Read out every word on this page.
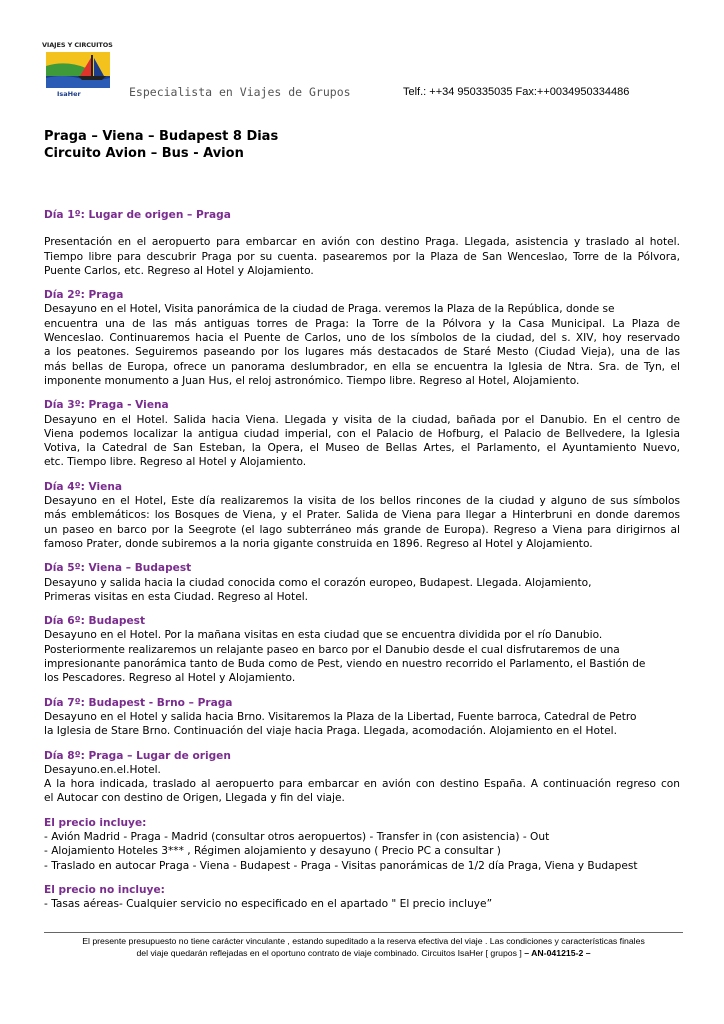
VIAJES Y CIRCUITOS
IsaHer	Especialista en Viajes de Grupos	Telf.: ++34 950335035 Fax:++0034950334486
Praga – Viena – Budapest 8 Dias
Circuito Avion – Bus - Avion
Día 1º: Lugar de origen – Praga
Presentación en el aeropuerto para embarcar en avión con destino Praga. Llegada, asistencia y traslado al hotel.
Tiempo libre para descubrir Praga por su cuenta. pasearemos por la Plaza de San Wenceslao, Torre de la Pólvora,
Puente Carlos, etc. Regreso al Hotel y Alojamiento.
Día 2º: Praga
Desayuno en el Hotel, Visita panorámica de la ciudad de Praga. veremos la Plaza de la República, donde se
encuentra una de las más antiguas torres de Praga: la Torre de la Pólvora y la Casa Municipal. La Plaza de
Wenceslao. Continuaremos hacia el Puente de Carlos, uno de los símbolos de la ciudad, del s. XIV, hoy reservado
a los peatones. Seguiremos paseando por los lugares más destacados de Staré Mesto (Ciudad Vieja), una de las
más bellas de Europa, ofrece un panorama deslumbrador, en ella se encuentra la Iglesia de Ntra. Sra. de Tyn, el
imponente monumento a Juan Hus, el reloj astronómico. Tiempo libre. Regreso al Hotel, Alojamiento.
Día 3º: Praga - Viena
Desayuno en el Hotel. Salida hacia Viena. Llegada y visita de la ciudad, bañada por el Danubio. En el centro de
Viena podemos localizar la antigua ciudad imperial, con el Palacio de Hofburg, el Palacio de Bellvedere, la Iglesia
Votiva, la Catedral de San Esteban, la Opera, el Museo de Bellas Artes, el Parlamento, el Ayuntamiento Nuevo,
etc. Tiempo libre. Regreso al Hotel y Alojamiento.
Día 4º: Viena
Desayuno en el Hotel, Este día realizaremos la visita de los bellos rincones de la ciudad y alguno de sus símbolos
más emblemáticos: los Bosques de Viena, y el Prater. Salida de Viena para llegar a Hinterbruni en donde daremos
un paseo en barco por la Seegrote (el lago subterráneo más grande de Europa). Regreso a Viena para dirigirnos al
famoso Prater, donde subiremos a la noria gigante construida en 1896. Regreso al Hotel y Alojamiento.
Día 5º: Viena – Budapest
Desayuno y salida hacia la ciudad conocida como el corazón europeo, Budapest. Llegada. Alojamiento,
Primeras visitas en esta Ciudad. Regreso al Hotel.
Día 6º: Budapest
Desayuno en el Hotel. Por la mañana visitas en esta ciudad que se encuentra dividida por el río Danubio.
Posteriormente realizaremos un relajante paseo en barco por el Danubio desde el cual disfrutaremos de una
impresionante panorámica tanto de Buda como de Pest, viendo en nuestro recorrido el Parlamento, el Bastión de
los Pescadores. Regreso al Hotel y Alojamiento.
Día 7º: Budapest - Brno – Praga
Desayuno en el Hotel y salida hacia Brno. Visitaremos la Plaza de la Libertad, Fuente barroca, Catedral de Petro
la Iglesia de Stare Brno. Continuación del viaje hacia Praga. Llegada, acomodación. Alojamiento en el Hotel.
Día 8º: Praga – Lugar de origen
Desayuno.en.el.Hotel.
A la hora indicada, traslado al aeropuerto para embarcar en avión con destino España. A continuación regreso con
el Autocar con destino de Origen, Llegada y fin del viaje.
El precio incluye:
- Avión Madrid - Praga - Madrid (consultar otros aeropuertos) - Transfer in (con asistencia) - Out
- Alojamiento Hoteles 3*** , Régimen alojamiento y desayuno ( Precio PC a consultar )
- Traslado en autocar Praga - Viena - Budapest - Praga - Visitas panorámicas de 1/2 día Praga, Viena y Budapest
El precio no incluye:
- Tasas aéreas- Cualquier servicio no especificado en el apartado " El precio incluye”
El presente presupuesto no tiene carácter vinculante , estando supeditado a la reserva efectiva del viaje . Las condiciones y características finales
del viaje quedarán reflejadas en el oportuno contrato de viaje combinado. Circuitos IsaHer [ grupos ] – AN-041215-2 –
